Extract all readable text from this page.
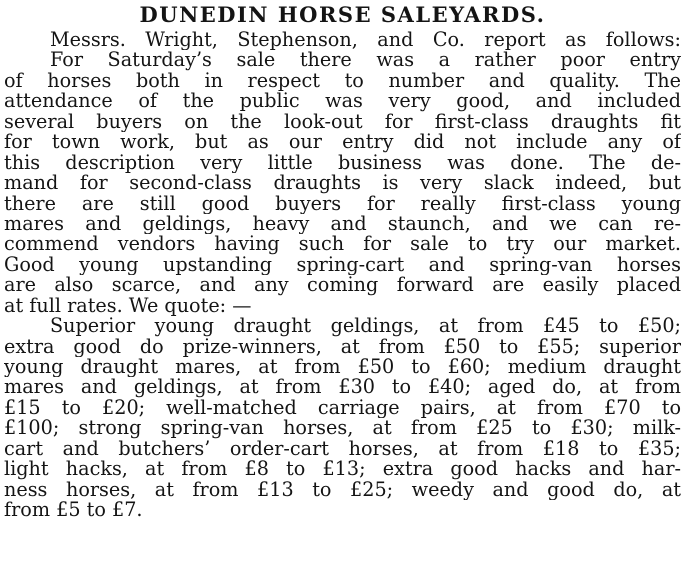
DUNEDIN HORSE SALEYARDS.
Messrs. Wright, Stephenson, and Co. report as follows:
For Saturday’s sale there was a rather poor entry
of horses both in respect to number and quality. The
attendance of the public was very good, and included
several buyers on the look-out for first-class draughts fit
for town work, but as our entry did not include any of
this description very little business was done. The de-
mand for second-class draughts is very slack indeed, but
there are still good buyers for really first-class young
mares and geldings, heavy and staunch, and we can re-
commend vendors having such for sale to try our market.
Good young upstanding spring-cart and spring-van horses
are also scarce, and any coming forward are easily placed
at full rates. We quote: —
Superior young draught geldings, at from £45 to £50;
extra good do prize-winners, at from £50 to £55; superior
young draught mares, at from £50 to £60; medium draught
mares and geldings, at from £30 to £40; aged do, at from
£15 to £20; well-matched carriage pairs, at from £70 to
£100; strong spring-van horses, at from £25 to £30; milk-
cart and butchers’ order-cart horses, at from £18 to £35;
light hacks, at from £8 to £13; extra good hacks and har-
ness horses, at from £13 to £25; weedy and good do, at
from £5 to £7.
